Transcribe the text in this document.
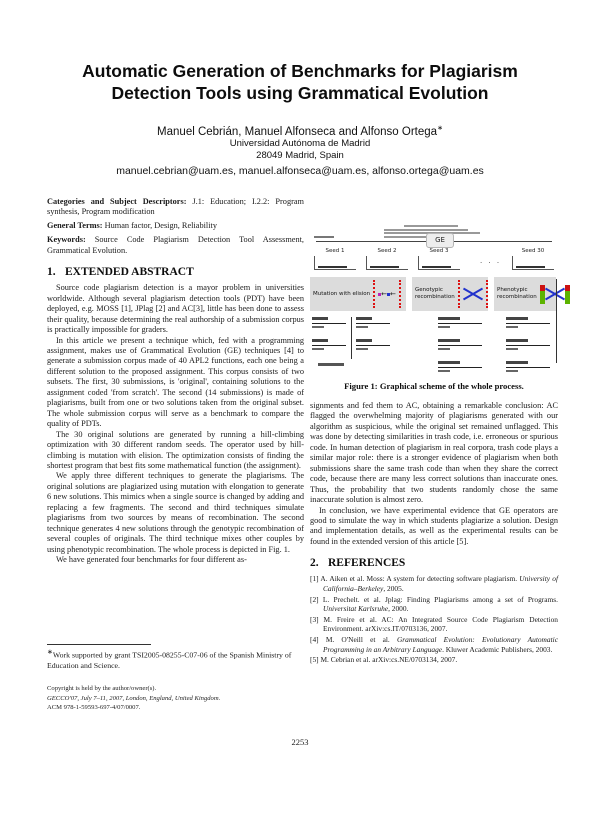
Automatic Generation of Benchmarks for Plagiarism
Detection Tools using Grammatical Evolution
Manuel Cebrián, Manuel Alfonseca and Alfonso Ortega∗
Universidad Autónoma de Madrid
28049 Madrid, Spain
manuel.cebrian@uam.es, manuel.alfonseca@uam.es, alfonso.ortega@uam.es

Categories and Subject Descriptors: J.1: Education; I.2.2: Program synthesis, Program modification

General Terms: Human factor, Design, Reliability

Keywords: Source Code Plagiarism Detection Tool Assessment, Grammatical Evolution.

1. EXTENDED ABSTRACT

Source code plagiarism detection is a mayor problem in universities worldwide. Although several plagiarism detection tools (PDT) have been deployed, e.g. MOSS [1], JPlag [2] and AC[3], little has been done to assess their quality, because determining the real authorship of a submission corpus is practically impossible for graders.

In this article we present a technique which, fed with a programming assignment, makes use of Grammatical Evolution (GE) techniques [4] to generate a submission corpus made of 40 APL2 functions, each one being a different solution to the proposed assignment. This corpus consists of two subsets. The first, 30 submissions, is 'original', containing solutions to the assignment coded 'from scratch'. The second (14 submissions) is made of plagiarisms, built from one or two solutions taken from the original subset. The whole submission corpus will serve as a benchmark to compare the quality of PDTs.

The 30 original solutions are generated by running a hill-climbing optimization with 30 different random seeds. The operator used by hill-climbing is mutation with elision. The optimization consists of finding the shortest program that best fits some mathematical function (the assignment).

We apply three different techniques to generate the plagiarisms. The original solutions are plagiarized using mutation with elongation to generate 6 new solutions. This mimics when a single source is changed by adding and replacing a few fragments. The second and third techniques simulate plagiarisms from two sources by means of recombination. The second technique generates 4 new solutions through the genotypic recombination of several couples of originals. The third technique mixes other couples by using phenotypic recombination. The whole process is depicted in Fig. 1.

We have generated four benchmarks for four different as-

GE
Seed 1	Seed 2	Seed 3
· · ·
Seed 30
Mutation with elision	← ←	Genotypic recombination
Phenotypic recombination
Figure 1: Graphical scheme of the whole process.

signments and fed them to AC, obtaining a remarkable conclusion: AC flagged the overwhelming majority of plagiarisms generated with our algorithm as suspicious, while the original set remained unflagged. This was done by detecting similarities in trash code, i.e. erroneous or spurious code. In human detection of plagiarism in real corpora, trash code plays a similar major role: there is a stronger evidence of plagiarism when both submissions share the same trash code than when they share the correct code, because there are many less correct solutions than inaccurate ones. Thus, the probability that two students randomly chose the same inaccurate solution is almost zero.

In conclusion, we have experimental evidence that GE operators are good to simulate the way in which students plagiarize a solution. Design and implementation details, as well as the experimental results can be found in the extended version of this article [5].

2. REFERENCES
[1] A. Aiken et al. Moss: A system for detecting software plagiarism. University of California–Berkeley, 2005.
[2] L. Prechelt. et al. Jplag: Finding Plagiarisms among a set of Programs. Universitat Karlsruhe, 2000.
[3] M. Freire et al. AC: An Integrated Source Code Plagiarism Detection Environment. arXiv:cs.IT/0703136, 2007.
[4] M. O'Neill et al. Grammatical Evolution: Evolutionary Automatic Programming in an Arbitrary Language. Kluwer Academic Publishers, 2003.
[5] M. Cebrian et al. arXiv:cs.NE/0703134, 2007.
∗Work supported by grant TSI2005-08255-C07-06 of the Spanish Ministry of Education and Science.
Copyright is held by the author/owner(s).
GECCO'07, July 7–11, 2007, London, England, United Kingdom.
ACM 978-1-59593-697-4/07/0007.
2253
